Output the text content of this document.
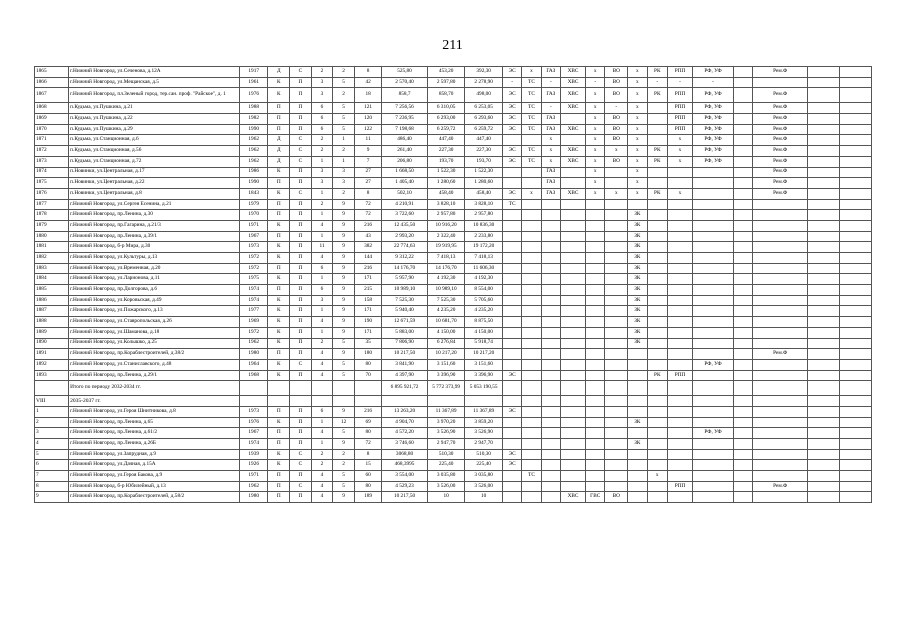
211
1865	г.Нижний Новгород, ул.Сеченова, д.12А	1917	Д	С	2	2	8	525,80	453,20	392,30	ЭС	х	ГАЗ	ХВС	х	ВО	х	РК	РПП	РФ, УФ		Рем.Ф		
1866	г.Нижний Новгород, ул.Мещанская, д.5	1961	К	П	3	5	42	2 570,40	2 597,80	2 278,90	-	ТС	-	ХВС	-	ВО	х	-	-	-				
1867	г.Нижний Новгород, пл.Зеленый город, тер.сан. проф. "Райское", д. 1	1976	К	П	3	2	18	858,7	858,70	498,00	ЭС	ТС	ГАЗ	ХВС	х	ВО	х	РК	РПП	РФ, УФ		Рем.Ф		
1868	п.Кудьма, ул.Пушкина, д.21	1988	П	П	6	5	121	7 256,56	6 310,05	6 253,05	ЭС	ТС	-	ХВС	х	-	х		РПП	РФ, УФ		Рем.Ф		
1869	п.Кудьма, ул.Пушкина, д.22	1982	П	П	6	5	120	7 236,95	6 293,00	6 293,60	ЭС	ТС	ГАЗ		х	ВО	х		РПП	РФ, УФ		Рем.Ф		
1870	п.Кудьма, ул.Пушкина, д.29	1990	П	П	6	5	122	7 198,68	6 259,72	6 259,72	ЭС	ТС	ГАЗ	ХВС	х	ВО	х		РПП	РФ, УФ		Рем.Ф		
1871	п.Кудьма, ул.Станционная, д.6	1962	Д	С	2	1	11	486,40	447,40	447,40			х		х	ВО	х		х	РФ, УФ		Рем.Ф		
1872	п.Кудьма, ул.Станционная, д.56	1962	Д	С	2	2	9	261,40	227,30	227,30	ЭС	ТС	х	ХВС	х	х	х	РК	х	РФ, УФ		Рем.Ф		
1873	п.Кудьма, ул.Станционная, д.72	1962	Д	С	1	1	7	206,80	193,70	193,70	ЭС	ТС	х	ХВС	х	ВО	х	РК	х	РФ, УФ		Рем.Ф		
1874	п.Новинки, ул.Центральная, д.17	1986	К	П	3	3	27	1 668,50	1 522,30	1 522,30			ГАЗ		х		х					Рем.Ф		
1875	п.Новинки, ул.Центральная, д.22	1990	П	П	3	3	27	1 405,40	1 280,60	1 280,60			ГАЗ		х		х					Рем.Ф		
1876	п.Новинки, ул.Центральная, д.8	1843	К	С	1	2	8	502,10	458,40	458,40	ЭС	х	ГАЗ	ХВС	х	х	х	РК	х			Рем.Ф		
1877	г.Нижний Новгород, ул.Сергея Есенина, д.21	1979	П	П	2	9	72	4 210,91	3 828,10	3 828,10	ТС													
1878	г.Нижний Новгород, пр.Ленина, д.30	1970	П	П	1	9	72	3 722,60	2 957,80	2 957,80							ЗК							
1879	г.Нижний Новгород, пр.Гагарина, д.21/3	1971	К	П	4	9	216	12 435,50	10 916,20	10 836,30							ЗК							
1880	г.Нижний Новгород, пр.Ленина, д.39/1	1967	П	П	1	9	43	2 993,20	2 322,40	2 233,80							ЗК							
1881	г.Нижний Новгород, б-р Мира, д.30	1973	К	П	11	9	382	22 774,63	19 919,95	19 172,20							ЗК							
1882	г.Нижний Новгород, ул.Культуры, д.13	1972	К	П	4	9	144	9 312,22	7 418,13	7 418,13							ЗК							
1883	г.Нижний Новгород, ул.Временная, д.20	1972	П	П	6	9	216	14 176,70	14 176,70	11 606,30							ЗК							
1884	г.Нижний Новгород, ул.Ларионова, д.11	1975	К	П	1	9	171	5 957,90	4 192,30	4 192,30							ЗК							
1885	г.Нижний Новгород, пр.Долгорова, д.6	1974	П	П	6	9	215	10 989,10	10 989,10	8 554,00							ЗК							
1886	г.Нижний Новгород, ул.Коровьская, д.49	1974	К	П	3	9	158	7 525,30	7 525,30	5 705,60							ЗК							
1887	г.Нижний Новгород, ул.Пожарского, д.13	1977	К	П	1	9	171	5 940,40	4 235,20	4 235,20							ЗК							
1888	г.Нижний Новгород, ул.Ставропольская, д.26	1969	К	П	4	9	190	12 671,59	10 681,70	8 875,50							ЗК							
1889	г.Нижний Новгород, ул.Шаманова, д.18	1972	К	П	1	9	171	5 883,00	4 150,00	4 150,00							ЗК							
1890	г.Нижний Новгород, ул.Колышко, д.25	1962	К	П	2	5	35	7 806,90	6 276,84	5 918,74							ЗК							
1891	г.Нижний Новгород, пр.Кораблестроителей, д.38/2	1980	П	П	4	9	180	10 217,50	10 217,20	10 217,20												Рем.Ф		
1892	г.Нижний Новгород, ул.Станиславского, д.48	1964	К	С	4	5	80	3 841,90	3 151,60	3 151,60										РФ, УФ				
1893	г.Нижний Новгород, пр.Ленина, д.29/1	1968	К	П	4	5	70	4 397,90	3 396,90	3 396,90	ЭС							РК	РПП					
	Итого по периоду 2032-2034 гг.							6 895 921,72	5 772 373,99	5 053 190,55														
VIII	2035-2037 гг.																							
1	г.Нижний Новгород, ул.Героя Шнитникова, д.8	1973	П	П	6	9	216	13 263,20	11 367,89	11 367,89	ЭС													
2	г.Нижний Новгород, пр.Ленина, д.65	1976	К	П	1	12	69	4 904,70	3 970,20	3 859,20							ЗК							
3	г.Нижний Новгород, пр.Ленина, д.61/2	1967	П	П	4	5	80	4 572,20	3 526,90	3 526,90										РФ, УФ				
4	г.Нижний Новгород, пр.Ленина, д.26Б	1974	П	П	1	9	72	3 746,60	2 947,70	2 947,70							ЗК							
5	г.Нижний Новгород, ул.Запрудная, д.9	1939	К	С	2	2	8	3068,80	510,30	510,30	ЭС													
6	г.Нижний Новгород, ул.Дачная, д.15А	1926	К	С	2	2	15	468,3995	225,40	225,40	ЭС													
7	г.Нижний Новгород, ул.Героя Бакова, д.9	1971	П	П	4	5	60	3 554,00	3 035,80	3 035,80		ТС						х						
8	г.Нижний Новгород, б-р Юбилейный, д.13	1962	П	С	4	5	80	4 529,23	3 526,00	3 526,00									РПП			Рем.Ф		
9	г.Нижний Новгород, пр.Кораблестроителей, д.58/2	1980	П	П	4	9	189	10 217,50	10	10				ХВС	ГВС	ВО								
